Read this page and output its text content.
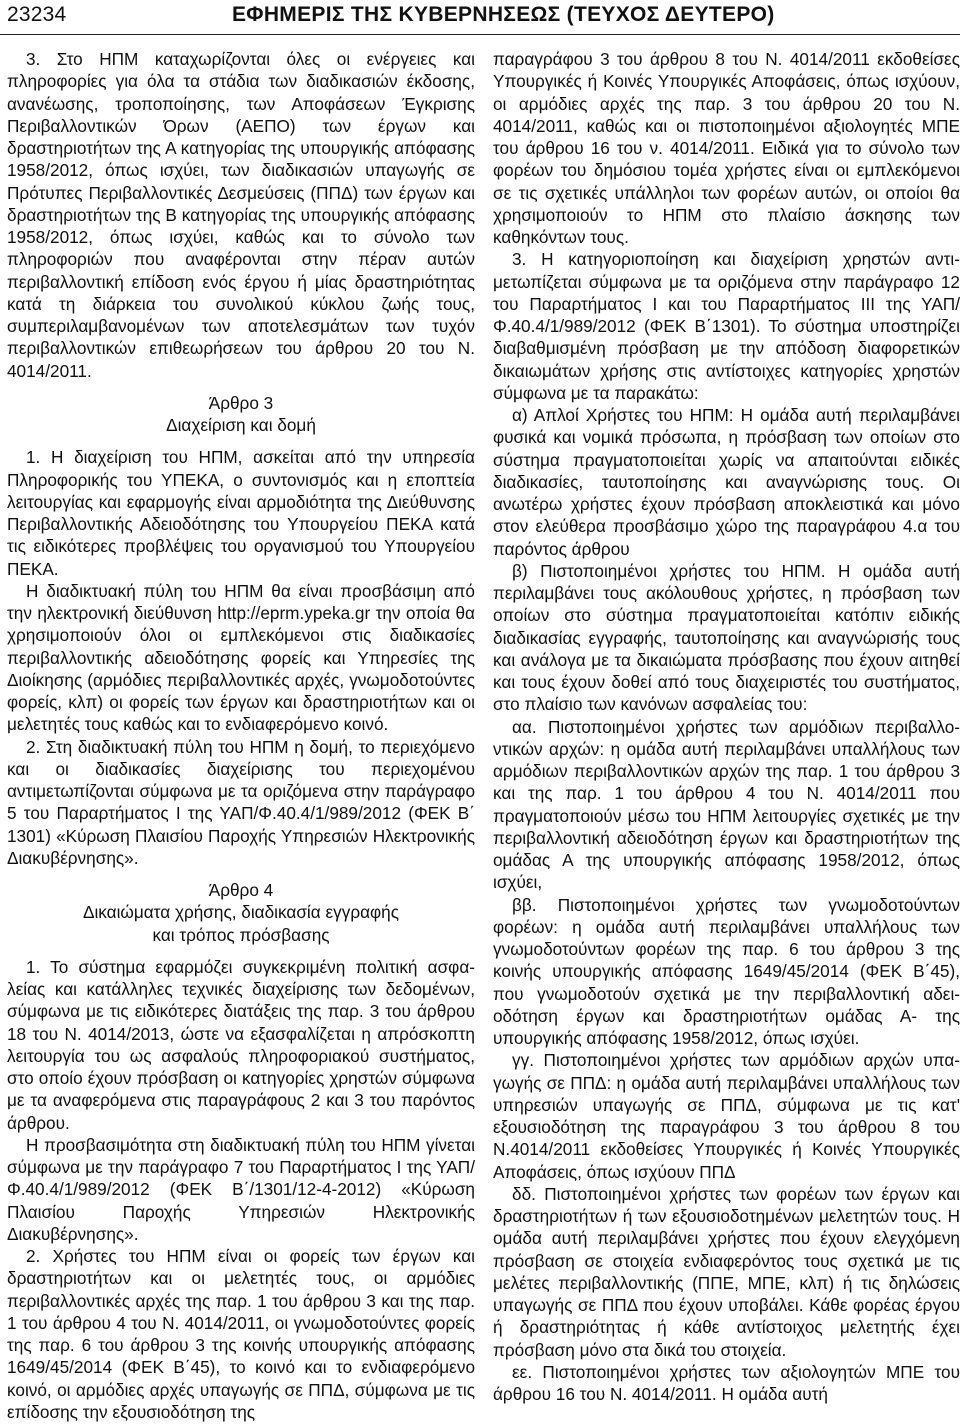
23234	ΕΦΗΜΕΡΙΣ ΤΗΣ ΚΥΒΕΡΝΗΣΕΩΣ (ΤΕΥΧΟΣ ΔΕΥΤΕΡΟ)

3. Στο ΗΠΜ καταχωρίζονται όλες οι ενέργειες και πληροφορίες για όλα τα στάδια των διαδικασιών έκδοσης, ανανέωσης, τροποποίησης, των Αποφάσεων Έγκρισης Περιβαλλοντικών Όρων (ΑΕΠΟ) των έργων και δραστηριοτήτων της Α κατηγορίας της υπουργικής απόφασης 1958/2012, όπως ισχύει, των διαδικασιών υπαγωγής σε Πρότυπες Περιβαλλοντικές Δεσμεύσεις (ΠΠΔ) των έργων και δραστηριοτήτων της Β κατηγορίας της υπουργικής απόφασης 1958/2012, όπως ισχύει, καθώς και το σύνολο των πληροφοριών που αναφέρονται στην πέραν αυτών περιβαλλοντική επίδοση ενός έργου ή μίας δραστηριότητας κατά τη διάρκεια του συνολικού κύκλου ζωής τους, συμπεριλαμβανομένων των αποτελεσμάτων των τυχόν περιβαλλοντικών επιθεωρήσεων του άρθρου 20 του Ν. 4014/2011.

Άρθρο 3
Διαχείριση και δομή

1. Η διαχείριση του ΗΠΜ, ασκείται από την υπηρεσία Πληροφορικής του ΥΠΕΚΑ, ο συντονισμός και η εποπτεία λειτουργίας και εφαρμογής είναι αρμοδιότητα της Διεύθυνσης Περιβαλλοντικής Αδειοδότησης του Υπουργείου ΠΕΚΑ κατά τις ειδικότερες προβλέψεις του οργανισμού του Υπουργείου ΠΕΚΑ.

Η διαδικτυακή πύλη του ΗΠΜ θα είναι προσβάσιμη από την ηλεκτρονική διεύθυνση http://eprm.ypeka.gr την οποία θα χρησιμοποιούν όλοι οι εμπλεκόμενοι στις διαδικασίες περιβαλλοντικής αδειοδότησης φορείς και Υπηρεσίες της Διοίκησης (αρμόδιες περιβαλλοντικές αρχές, γνωμοδοτούντες φορείς, κλπ) οι φορείς των έργων και δραστηριοτήτων και οι μελετητές τους καθώς και το ενδιαφερόμενο κοινό.

2. Στη διαδικτυακή πύλη του ΗΠΜ η δομή, το περιεχόμενο και οι διαδικασίες διαχείρισης του περιεχομένου αντιμετωπίζονται σύμφωνα με τα οριζόμενα στην παράγραφο 5 του Παραρτήματος Ι της ΥΑΠ/Φ.40.4/1/989/2012 (ΦΕΚ Β΄ 1301) «Κύρωση Πλαισίου Παροχής Υπηρεσιών Ηλεκτρονικής Διακυβέρνησης».

Άρθρο 4
Δικαιώματα χρήσης, διαδικασία εγγραφής
και τρόπος πρόσβασης

1. Το σύστημα εφαρμόζει συγκεκριμένη πολιτική ασφαλείας και κατάλληλες τεχνικές διαχείρισης των δεδομένων, σύμφωνα με τις ειδικότερες διατάξεις της παρ. 3 του άρθρου 18 του Ν. 4014/2013, ώστε να εξασφαλίζεται η απρόσκοπτη λειτουργία του ως ασφαλούς πληροφοριακού συστήματος, στο οποίο έχουν πρόσβαση οι κατηγορίες χρηστών σύμφωνα με τα αναφερόμενα στις παραγράφους 2 και 3 του παρόντος άρθρου.

Η προσβασιμότητα στη διαδικτυακή πύλη του ΗΠΜ γίνεται σύμφωνα με την παράγραφο 7 του Παραρτήματος Ι της ΥΑΠ/Φ.40.4/1/989/2012 (ΦΕΚ Β΄/1301/12-4-2012) «Κύρωση Πλαισίου Παροχής Υπηρεσιών Ηλεκτρονικής Διακυβέρνησης».

2. Χρήστες του ΗΠΜ είναι οι φορείς των έργων και δραστηριοτήτων και οι μελετητές τους, οι αρμόδιες περιβαλλοντικές αρχές της παρ. 1 του άρθρου 3 και της παρ. 1 του άρθρου 4 του Ν. 4014/2011, οι γνωμοδοτούντες φορείς της παρ. 6 του άρθρου 3 της κοινής υπουργικής απόφασης 1649/45/2014 (ΦΕΚ Β΄45), το κοινό και το ενδιαφερόμενο κοινό, οι αρμόδιες αρχές υπαγωγής σε ΠΠΔ, σύμφωνα με τις επίδοσης την εξουσιοδότηση της

παραγράφου 3 του άρθρου 8 του Ν. 4014/2011 εκδοθείσες Υπουργικές ή Κοινές Υπουργικές Αποφάσεις, όπως ισχύουν, οι αρμόδιες αρχές της παρ. 3 του άρθρου 20 του Ν. 4014/2011, καθώς και οι πιστοποιημένοι αξιολογητές ΜΠΕ του άρθρου 16 του ν. 4014/2011. Ειδικά για το σύνολο των φορέων του δημόσιου τομέα χρήστες είναι οι εμπλεκόμενοι σε τις σχετικές υπάλληλοι των φορέων αυτών, οι οποίοι θα χρησιμοποιούν το ΗΠΜ στο πλαίσιο άσκησης των καθηκόντων τους.

3. Η κατηγοριοποίηση και διαχείριση χρηστών αντιμετωπίζεται σύμφωνα με τα οριζόμενα στην παράγραφο 12 του Παραρτήματος Ι και του Παραρτήματος ΙΙΙ της ΥΑΠ/Φ.40.4/1/989/2012 (ΦΕΚ Β΄1301). Το σύστημα υποστηρίζει διαβαθμισμένη πρόσβαση με την απόδοση διαφορετικών δικαιωμάτων χρήσης στις αντίστοιχες κατηγορίες χρηστών σύμφωνα με τα παρακάτω:

α) Απλοί Χρήστες του ΗΠΜ: Η ομάδα αυτή περιλαμβάνει φυσικά και νομικά πρόσωπα, η πρόσβαση των οποίων στο σύστημα πραγματοποιείται χωρίς να απαιτούνται ειδικές διαδικασίες, ταυτοποίησης και αναγνώρισης τους. Οι ανωτέρω χρήστες έχουν πρόσβαση αποκλειστικά και μόνο στον ελεύθερα προσβάσιμο χώρο της παραγράφου 4.α του παρόντος άρθρου

β) Πιστοποιημένοι χρήστες του ΗΠΜ. Η ομάδα αυτή περιλαμβάνει τους ακόλουθους χρήστες, η πρόσβαση των οποίων στο σύστημα πραγματοποιείται κατόπιν ειδικής διαδικασίας εγγραφής, ταυτοποίησης και αναγνώρισής τους και ανάλογα με τα δικαιώματα πρόσβασης που έχουν αιτηθεί και τους έχουν δοθεί από τους διαχειριστές του συστήματος, στο πλαίσιο των κανόνων ασφαλείας του:

αα. Πιστοποιημένοι χρήστες των αρμόδιων περιβαλλοντικών αρχών: η ομάδα αυτή περιλαμβάνει υπαλλήλους των αρμόδιων περιβαλλοντικών αρχών της παρ. 1 του άρθρου 3 και της παρ. 1 του άρθρου 4 του Ν. 4014/2011 που πραγματοποιούν μέσω του ΗΠΜ λειτουργίες σχετικές με την περιβαλλοντική αδειοδότηση έργων και δραστηριοτήτων της ομάδας Α της υπουργικής απόφασης 1958/2012, όπως ισχύει,

ββ. Πιστοποιημένοι χρήστες των γνωμοδοτούντων φορέων: η ομάδα αυτή περιλαμβάνει υπαλλήλους των γνωμοδοτούντων φορέων της παρ. 6 του άρθρου 3 της κοινής υπουργικής απόφασης 1649/45/2014 (ΦΕΚ Β΄45), που γνωμοδοτούν σχετικά με την περιβαλλοντική αδειοδότηση έργων και δραστηριοτήτων ομάδας Α- της υπουργικής απόφασης 1958/2012, όπως ισχύει.

γγ. Πιστοποιημένοι χρήστες των αρμόδιων αρχών υπαγωγής σε ΠΠΔ: η ομάδα αυτή περιλαμβάνει υπαλλήλους των υπηρεσιών υπαγωγής σε ΠΠΔ, σύμφωνα με τις κατ' εξουσιοδότηση της παραγράφου 3 του άρθρου 8 του Ν.4014/2011 εκδοθείσες Υπουργικές ή Κοινές Υπουργικές Αποφάσεις, όπως ισχύουν ΠΠΔ

δδ. Πιστοποιημένοι χρήστες των φορέων των έργων και δραστηριοτήτων ή των εξουσιοδοτημένων μελετητών τους. Η ομάδα αυτή περιλαμβάνει χρήστες που έχουν ελεγχόμενη πρόσβαση σε στοιχεία ενδιαφερόντος τους σχετικά με τις μελέτες περιβαλλοντικής (ΠΠΕ, ΜΠΕ, κλπ) ή τις δηλώσεις υπαγωγής σε ΠΠΔ που έχουν υποβάλει. Κάθε φορέας έργου ή δραστηριότητας ή κάθε αντίστοιχος μελετητής έχει πρόσβαση μόνο στα δικά του στοιχεία.

εε. Πιστοποιημένοι χρήστες των αξιολογητών ΜΠΕ του άρθρου 16 του Ν. 4014/2011. Η ομάδα αυτή
